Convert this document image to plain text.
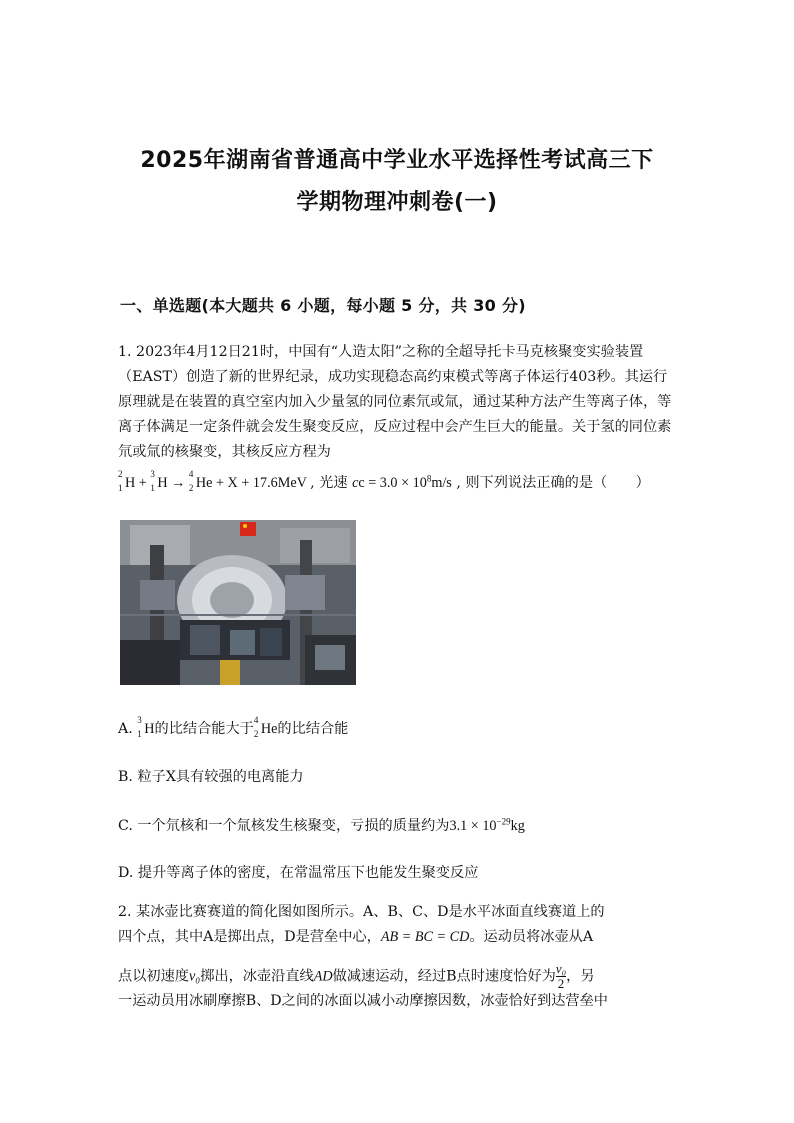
2025年湖南省普通高中学业水平选择性考试高三下
学期物理冲刺卷(一)
一、单选题(本大题共 6 小题，每小题 5 分，共 30 分)
1. 2023年4月12日21时，中国有“人造太阳”之称的全超导托卡马克核聚变实验装置（EAST）创造了新的世界纪录，成功实现稳态高约束模式等离子体运行403秒。其运行原理就是在装置的真空室内加入少量氢的同位素氘或氚，通过某种方法产生等离子体，等离子体满足一定条件就会发生聚变反应，反应过程中会产生巨大的能量。关于氢的同位素氘或氚的核聚变，其核反应方程为
2
1 H +
3
1 H →
4
2 He + X + 17.6MeV , 光速 cc = $3.0 \times 10^8m/s$ , 则下列说法正确的是（　　）
A.
3
1 H的比结合能大于
4
2 He的比结合能
B. 粒子X具有较强的电离能力
C. 一个氘核和一个氚核发生核聚变，亏损的质量约为$3.1 \times 10^{-29}kg$
D. 提升等离子体的密度，在常温常压下也能发生聚变反应
2. 某冰壶比赛赛道的简化图如图所示。A、B、C、D是水平冰面直线赛道上的
四个点，其中A是掷出点，D是营垒中心，AB = BC = CD。运动员将冰壶从A
点以初速度v₀掷出，冰壶沿直线AD做减速运动，经过B点时速度恰好为 $\frac{\text{v₀}}{2}$ ，另
一运动员用冰刷摩擦B、D之间的冰面以减小动摩擦因数，冰壶恰好到达营垒中
